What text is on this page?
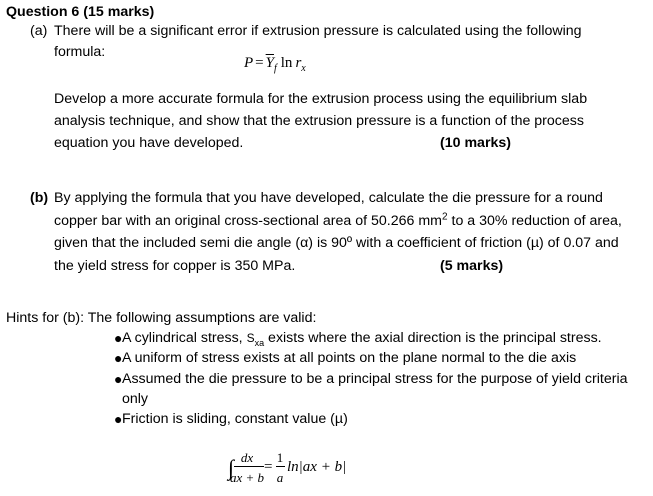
Question 6 (15 marks)
(a) There will be a significant error if extrusion pressure is calculated using the following
formula:
$P = \overline{Y}_f$ $\ln r_x$
Develop a more accurate formula for the extrusion process using the equilibrium slab
analysis technique, and show that the extrusion pressure is a function of the process
equation you have developed.	(10 marks)
(b) By applying the formula that you have developed, calculate the die pressure for a round
copper bar with an original cross-sectional area of 50.266 $mm^2$ to a 30% reduction of area,
given that the included semi die angle (α) is 90º with a coefficient of friction (µ) of 0.07 and
the yield stress for copper is 350 MPa.	(5 marks)
Hints for (b): The following assumptions are valid:
● A cylindrical stress, $S_{xa}$ exists where the axial direction is the principal stress.
● A uniform of stress exists at all points on the plane normal to the die axis
● Assumed the die pressure to be a principal stress for the purpose of yield criteria
only
● Friction is sliding, constant value (µ)
∫ dx
ax + b
=
1
a
ln|ax + b|
